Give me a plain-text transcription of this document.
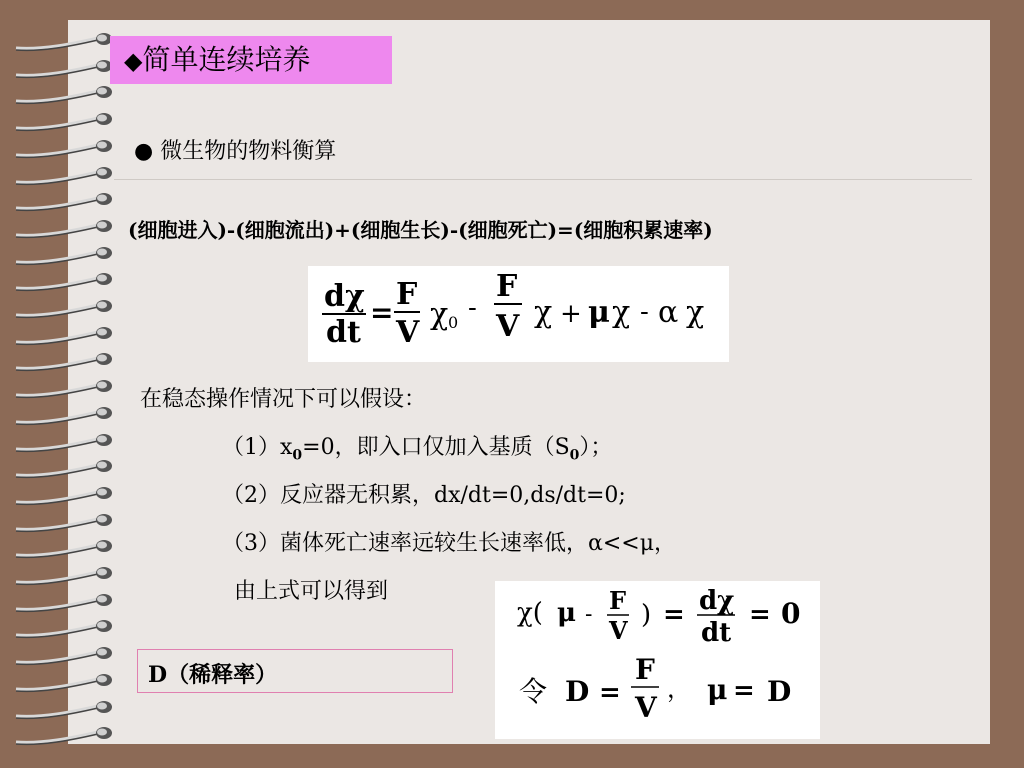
◆简单连续培养
● 微生物的物料衡算
(细胞进入)-(细胞流出)+(细胞生长)-(细胞死亡)=(细胞积累速率)
dχ
dt
=
F
V
χ 0 -
F
V χ + μ χ - α χ
在稳态操作情况下可以假设：
$(1)x_0=0$，即入口仅加入基质$(S_0)$；
（2）反应器无积累，dx/dt=0,ds/dt=0;
（3）菌体死亡速率远较生长速率低，α<<μ，
由上式可以得到
χ( μ - F
V
) = dχ
dt
= 0
令 D =
F
V
， μ = D
D（稀释率）
